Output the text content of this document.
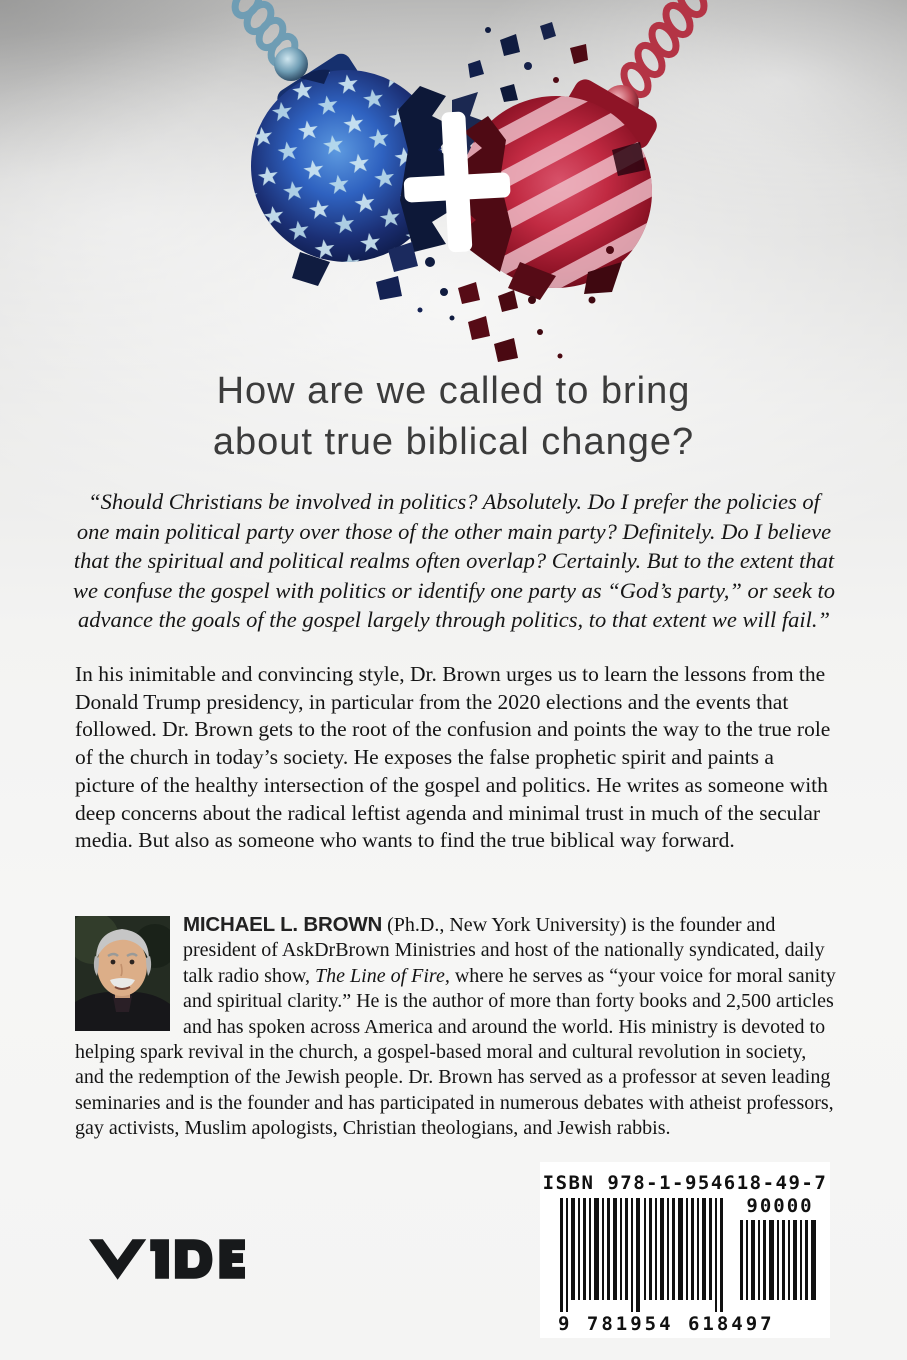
How are we called to bring
about true biblical change?
“Should Christians be involved in politics? Absolutely. Do I prefer the policies of one main political party over those of the other main party? Definitely. Do I believe that the spiritual and political realms often overlap? Certainly. But to the extent that we confuse the gospel with politics or identify one party as “God’s party,” or seek to advance the goals of the gospel largely through politics, to that extent we will fail.”
In his inimitable and convincing style, Dr. Brown urges us to learn the lessons from the Donald Trump presidency, in particular from the 2020 elections and the events that followed. Dr. Brown gets to the root of the confusion and points the way to the true role of the church in today’s society. He exposes the false prophetic spirit and paints a picture of the healthy intersection of the gospel and politics. He writes as someone with deep concerns about the radical leftist agenda and minimal trust in much of the secular media. But also as someone who wants to find the true biblical way forward.
MICHAEL L. BROWN (Ph.D., New York University) is the founder and president of AskDrBrown Ministries and host of the nationally syndicated, daily talk radio show, The Line of Fire, where he serves as “your voice for moral sanity and spiritual clarity.” He is the author of more than forty books and 2,500 articles and has spoken across America and around the world. His ministry is devoted to helping spark revival in the church, a gospel-based moral and cultural revolution in society, and the redemption of the Jewish people. Dr. Brown has served as a professor at seven leading seminaries and is the founder and has participated in numerous debates with atheist professors, gay activists, Muslim apologists, Christian theologians, and Jewish rabbis.
ISBN 978-1-954618-49-7
90000
9 781954 618497
